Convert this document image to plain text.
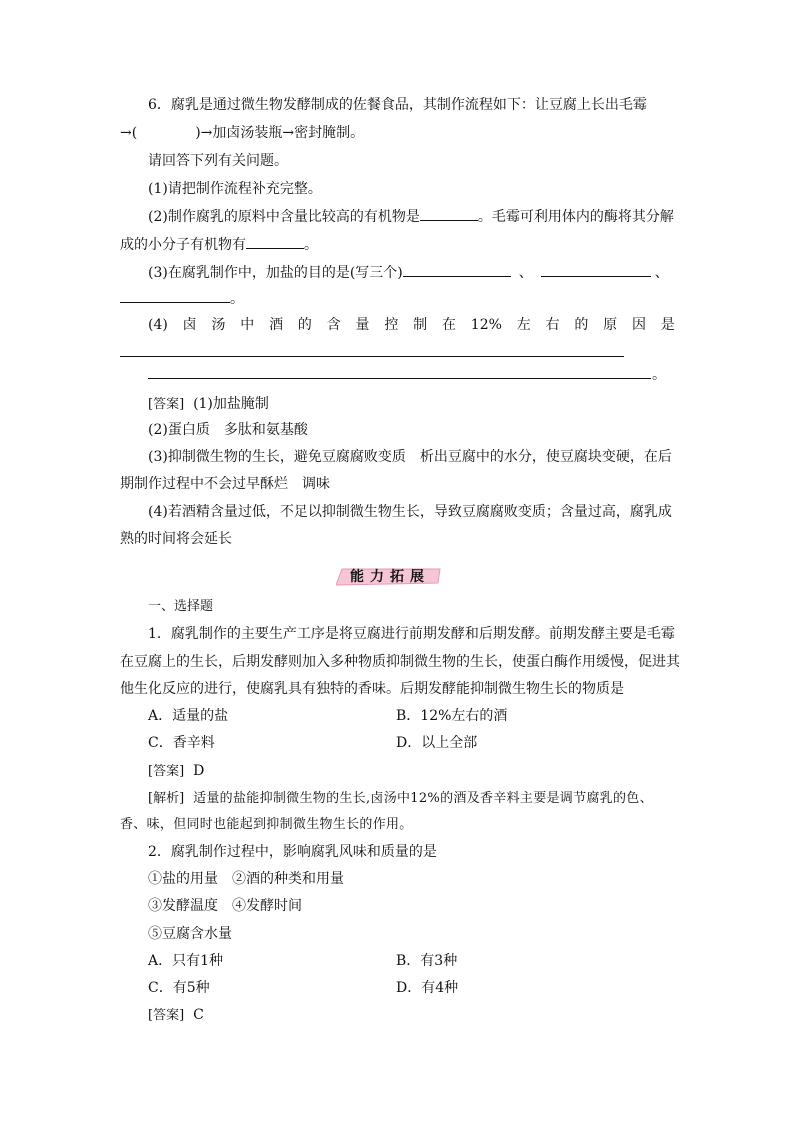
6．腐乳是通过微生物发酵制成的佐餐食品，其制作流程如下：让豆腐上长出毛霉
→(	)→加卤汤装瓶→密封腌制。
请回答下列有关问题。
(1)请把制作流程补充完整。
(2)制作腐乳的原料中含量比较高的有机物是	。毛霉可利用体内的酶将其分解
成的小分子有机物有	。
(3)在腐乳制作中，加盐的目的是(写三个)	、	、
。
(4) 卤 汤 中 酒 的 含 量 控 制 在 12% 左 右 的 原 因 是
。
[答案] (1)加盐腌制
(2)蛋白质　多肽和氨基酸
(3)抑制微生物的生长，避免豆腐腐败变质　析出豆腐中的水分，使豆腐块变硬，在后
期制作过程中不会过早酥烂　调味
(4)若酒精含量过低，不足以抑制微生物生长，导致豆腐腐败变质；含量过高，腐乳成
熟的时间将会延长
能力拓展
一、选择题
1．腐乳制作的主要生产工序是将豆腐进行前期发酵和后期发酵。前期发酵主要是毛霉
在豆腐上的生长，后期发酵则加入多种物质抑制微生物的生长，使蛋白酶作用缓慢，促进其
他生化反应的进行，使腐乳具有独特的香味。后期发酵能抑制微生物生长的物质是
A．适量的盐	B．12%左右的酒
C．香辛料	D．以上全部
[答案] D
[解析] 适量的盐能抑制微生物的生长,卤汤中12%的酒及香辛料主要是调节腐乳的色、
香、味，但同时也能起到抑制微生物生长的作用。
2．腐乳制作过程中，影响腐乳风味和质量的是
①盐的用量　②酒的种类和用量
③发酵温度　④发酵时间
⑤豆腐含水量
A．只有1种	B．有3种
C．有5种	D．有4种
[答案] C
